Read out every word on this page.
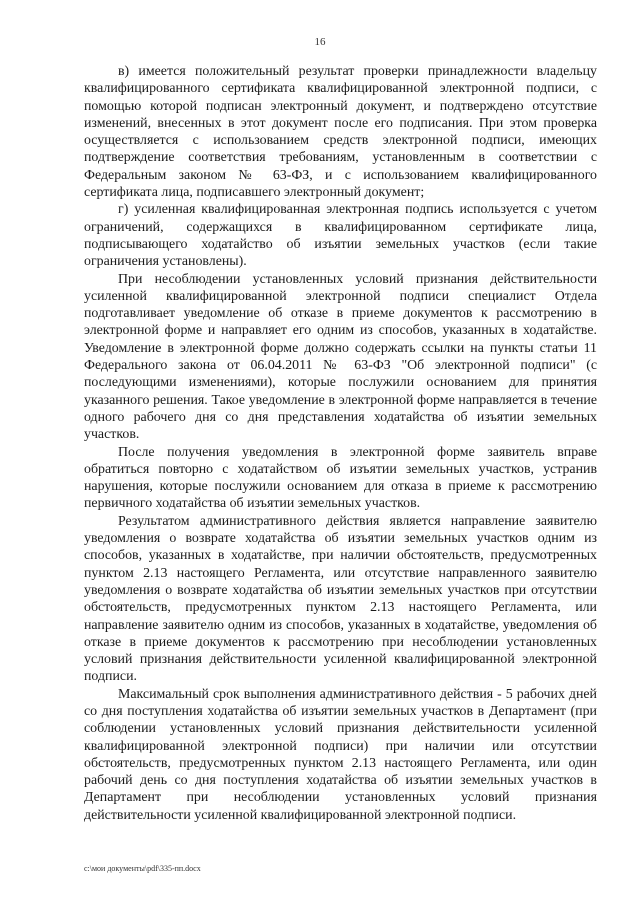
16

в) имеется положительный результат проверки принадлежности владельцу квалифицированного сертификата квалифицированной электронной подписи, с помощью которой подписан электронный документ, и подтверждено отсутствие изменений, внесенных в этот документ после его подписания. При этом проверка осуществляется с использованием средств электронной подписи, имеющих подтверждение соответствия требованиям, установленным в соответствии с Федеральным законом № 63-ФЗ, и с использованием квалифицированного сертификата лица, подписавшего электронный документ;

г) усиленная квалифицированная электронная подпись используется с учетом ограничений, содержащихся в квалифицированном сертификате лица, подписывающего ходатайство об изъятии земельных участков (если такие ограничения установлены).

При несоблюдении установленных условий признания действительности усиленной квалифицированной электронной подписи специалист Отдела подготавливает уведомление об отказе в приеме документов к рассмотрению в электронной форме и направляет его одним из способов, указанных в ходатайстве. Уведомление в электронной форме должно содержать ссылки на пункты статьи 11 Федерального закона от 06.04.2011 № 63-ФЗ "Об электронной подписи" (с последующими изменениями), которые послужили основанием для принятия указанного решения. Такое уведомление в электронной форме направляется в течение одного рабочего дня со дня представления ходатайства об изъятии земельных участков.

После получения уведомления в электронной форме заявитель вправе обратиться повторно с ходатайством об изъятии земельных участков, устранив нарушения, которые послужили основанием для отказа в приеме к рассмотрению первичного ходатайства об изъятии земельных участков.

Результатом административного действия является направление заявителю уведомления о возврате ходатайства об изъятии земельных участков одним из способов, указанных в ходатайстве, при наличии обстоятельств, предусмотренных пунктом 2.13 настоящего Регламента, или отсутствие направленного заявителю уведомления о возврате ходатайства об изъятии земельных участков при отсутствии обстоятельств, предусмотренных пунктом 2.13 настоящего Регламента, или направление заявителю одним из способов, указанных в ходатайстве, уведомления об отказе в приеме документов к рассмотрению при несоблюдении установленных условий признания действительности усиленной квалифицированной электронной подписи.

Максимальный срок выполнения административного действия - 5 рабочих дней со дня поступления ходатайства об изъятии земельных участков в Департамент (при соблюдении установленных условий признания действительности усиленной квалифицированной электронной подписи) при наличии или отсутствии обстоятельств, предусмотренных пунктом 2.13 настоящего Регламента, или один рабочий день со дня поступления ходатайства об изъятии земельных участков в Департамент при несоблюдении установленных условий признания действительности усиленной квалифицированной электронной подписи.

c:\мои документы\pdf\335-пп.docx
